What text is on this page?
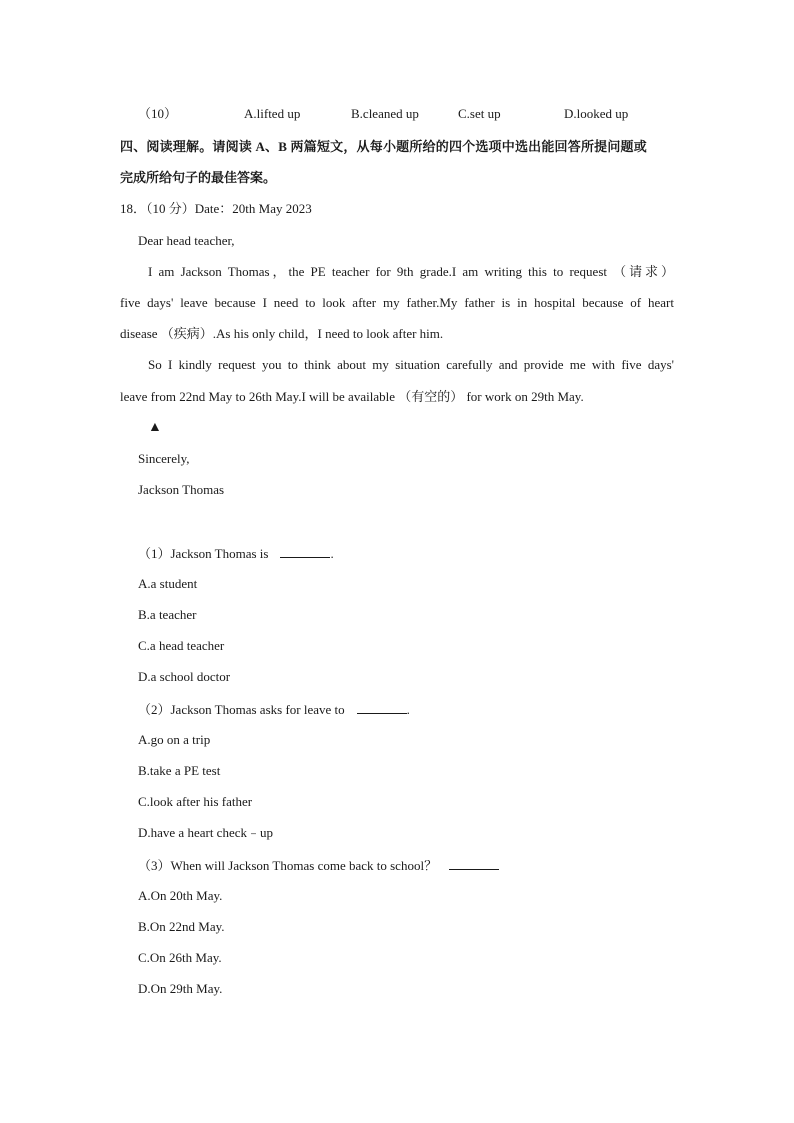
（10）	A.lifted up	B.cleaned up	C.set up	D.looked up
四、阅读理解。请阅读 A、B 两篇短文，从每小题所给的四个选项中选出能回答所提问题或
完成所给句子的最佳答案。
18．（10 分）Date：20th May 2023
Dear head teacher,
I am Jackson Thomas，the PE teacher for 9th grade.I am writing this to request （请求）
five days' leave because I need to look after my father.My father is in hospital because of heart
disease （疾病）.As his only child，I need to look after him.
So I kindly request you to think about my situation carefully and provide me with five days'
leave from 22nd May to 26th May.I will be available （有空的） for work on 29th May.
▲
Sincerely,
Jackson Thomas
（1）Jackson Thomas is	.
A.a student
B.a teacher
C.a head teacher
D.a school doctor
（2）Jackson Thomas asks for leave to	.
A.go on a trip
B.take a PE test
C.look after his father
D.have a heart check﹣up
（3）When will Jackson Thomas come back to school？
A.On 20th May.
B.On 22nd May.
C.On 26th May.
D.On 29th May.
